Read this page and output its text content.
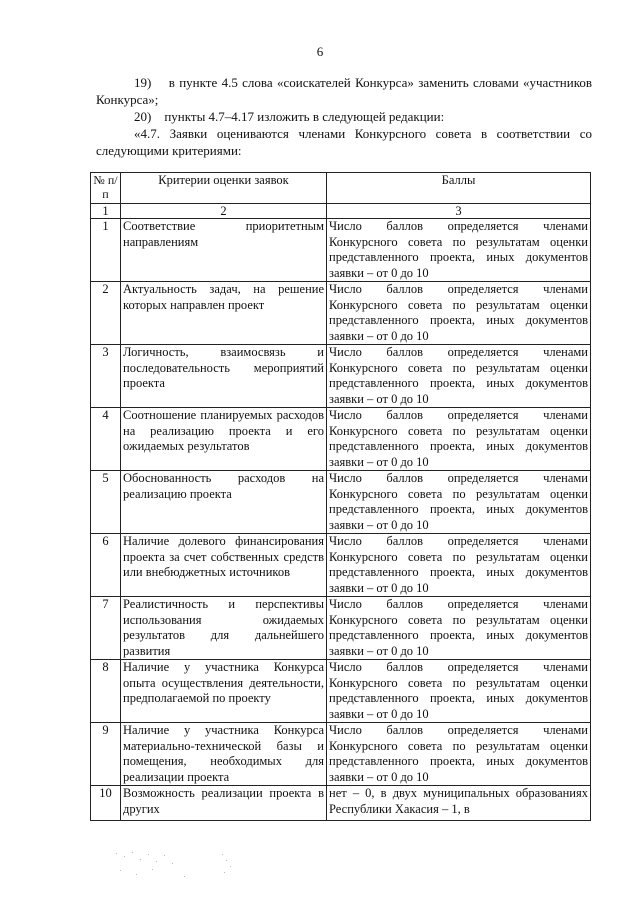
6

19)    в пункте 4.5 слова «соискателей Конкурса» заменить словами «участников Конкурса»;

20)    пункты 4.7–4.17 изложить в следующей редакции:

«4.7. Заявки оцениваются членами Конкурсного совета в соответствии со следующими критериями:

№ п/п	Критерии оценки заявок	Баллы
1	2	3
1	Соответствие приоритетным направлениям	Число баллов определяется членами Конкурсного совета по результатам оценки представленного проекта, иных документов заявки – от 0 до 10
2	Актуальность задач, на решение которых направлен проект	Число баллов определяется членами Конкурсного совета по результатам оценки представленного проекта, иных документов заявки – от 0 до 10
3	Логичность, взаимосвязь и последовательность мероприятий проекта	Число баллов определяется членами Конкурсного совета по результатам оценки представленного проекта, иных документов заявки – от 0 до 10
4	Соотношение планируемых расходов на реализацию проекта и его ожидаемых результатов	Число баллов определяется членами Конкурсного совета по результатам оценки представленного проекта, иных документов заявки – от 0 до 10
5	Обоснованность расходов на реализацию проекта	Число баллов определяется членами Конкурсного совета по результатам оценки представленного проекта, иных документов заявки – от 0 до 10
6	Наличие долевого финансирования проекта за счет собственных средств или внебюджетных источников	Число баллов определяется членами Конкурсного совета по результатам оценки представленного проекта, иных документов заявки – от 0 до 10
7	Реалистичность и перспективы использования ожидаемых результатов для дальнейшего развития	Число баллов определяется членами Конкурсного совета по результатам оценки представленного проекта, иных документов заявки – от 0 до 10
8	Наличие у участника Конкурса опыта осуществления деятельности, предполагаемой по проекту	Число баллов определяется членами Конкурсного совета по результатам оценки представленного проекта, иных документов заявки – от 0 до 10
9	Наличие у участника Конкурса материально-технической базы и помещения, необходимых для реализации проекта	Число баллов определяется членами Конкурсного совета по результатам оценки представленного проекта, иных документов заявки – от 0 до 10
10	Возможность реализации проекта в других	нет – 0, в двух муниципальных образованиях Республики Хакасия – 1, в
